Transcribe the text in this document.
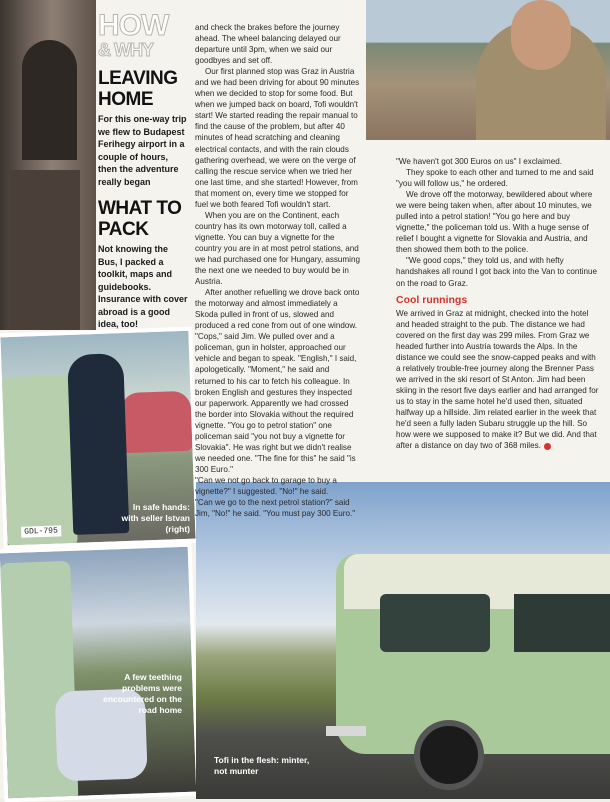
GDL-795
In safe hands: with seller Istvan (right)
A few teething problems were encountered on the road home
Tofi in the flesh: minter, not munter
HOW
& WHY
LEAVING HOME
For this one-way trip we flew to Budapest Ferihegy airport in a couple of hours, then the adventure really began
WHAT TO PACK
Not knowing the Bus, I packed a toolkit, maps and guidebooks. Insurance with cover abroad is a good idea, too!

and check the brakes before the journey ahead. The wheel balancing delayed our departure until 3pm, when we said our goodbyes and set off.

Our first planned stop was Graz in Austria and we had been driving for about 90 minutes when we decided to stop for some food. But when we jumped back on board, Tofi wouldn't start! We started reading the repair manual to find the cause of the problem, but after 40 minutes of head scratching and cleaning electrical contacts, and with the rain clouds gathering overhead, we were on the verge of calling the rescue service when we tried her one last time, and she started! However, from that moment on, every time we stopped for fuel we both feared Tofi wouldn't start.

When you are on the Continent, each country has its own motorway toll, called a vignette. You can buy a vignette for the country you are in at most petrol stations, and we had purchased one for Hungary, assuming the next one we needed to buy would be in Austria.

After another refuelling we drove back onto the motorway and almost immediately a Skoda pulled in front of us, slowed and produced a red cone from out of one window. "Cops," said Jim. We pulled over and a policeman, gun in holster, approached our vehicle and began to speak. "English," I said, apologetically. "Moment," he said and returned to his car to fetch his colleague. In broken English and gestures they inspected our paperwork. Apparently we had crossed the border into Slovakia without the required vignette. "You go to petrol station" one policeman said "you not buy a vignette for Slovakia". He was right but we didn't realise we needed one. "The fine for this" he said "is 300 Euro."

"Can we not go back to garage to buy a vignette?" I suggested. "No!" he said.

"Can we go to the next petrol station?" said Jim, "No!" he said. "You must pay 300 Euro."

"We haven't got 300 Euros on us" I exclaimed.

They spoke to each other and turned to me and said "you will follow us," he ordered.

We drove off the motorway, bewildered about where we were being taken when, after about 10 minutes, we pulled into a petrol station! "You go here and buy vignette," the policeman told us. With a huge sense of relief I bought a vignette for Slovakia and Austria, and then showed them both to the police.

"We good cops," they told us, and with hefty handshakes all round I got back into the Van to continue on the road to Graz.

Cool runnings

We arrived in Graz at midnight, checked into the hotel and headed straight to the pub. The distance we had covered on the first day was 299 miles. From Graz we headed further into Austria towards the Alps. In the distance we could see the snow-capped peaks and with a relatively trouble-free journey along the Brenner Pass we arrived in the ski resort of St Anton. Jim had been skiing in the resort five days earlier and had arranged for us to stay in the same hotel he'd used then, situated halfway up a hillside. Jim related earlier in the week that he'd seen a fully laden Subaru struggle up the hill. So how were we supposed to make it? But we did. And that after a distance on day two of 368 miles.
